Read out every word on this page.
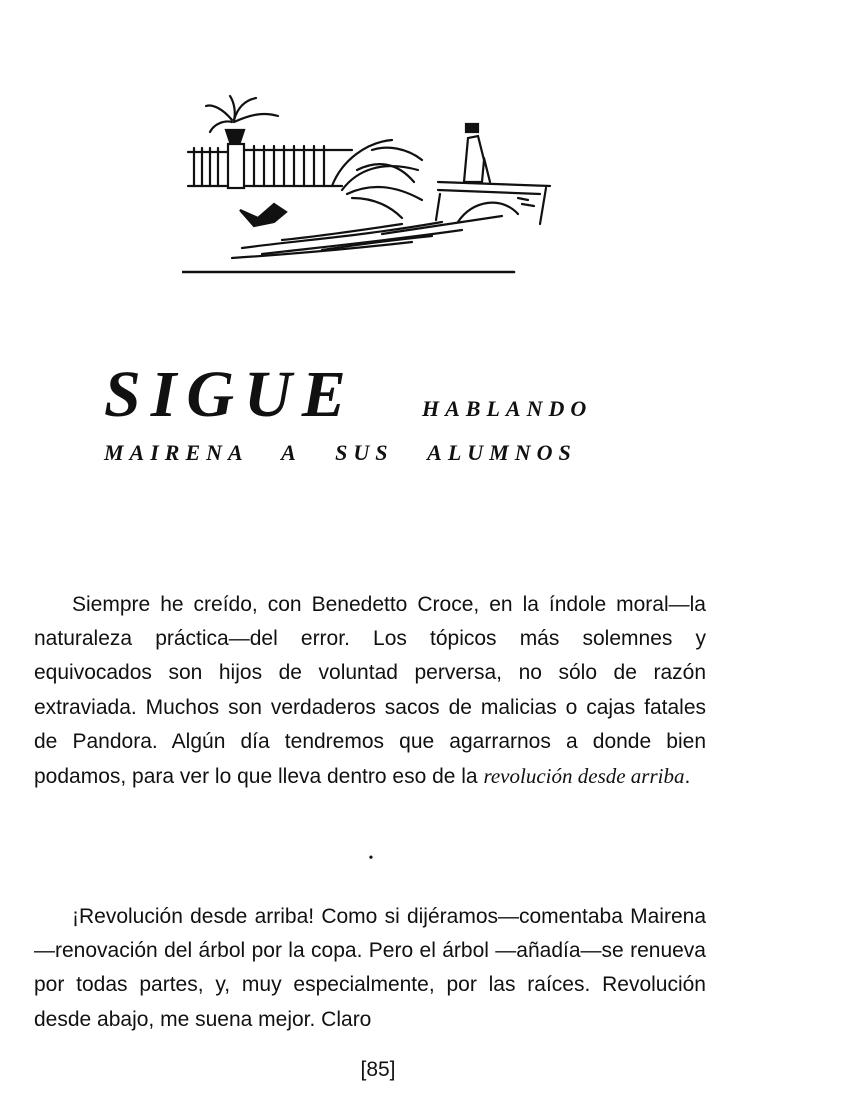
SIGUE	HABLANDO
MAIRENA   A   SUS   ALUMNOS
Siempre he creído, con Benedetto Croce, en la índole moral—la naturaleza práctica—del error. Los tópicos más solemnes y equivocados son hijos de voluntad perversa, no sólo de razón extraviada. Muchos son verdaderos sacos de malicias o cajas fatales de Pandora. Algún día tendremos que agarrarnos a donde bien podamos, para ver lo que lleva dentro eso de la revolución desde arriba.
•
¡Revolución desde arriba! Como si dijéramos—comentaba Mairena—renovación del árbol por la copa. Pero el árbol —añadía—se renueva por todas partes, y, muy especialmente, por las raíces. Revolución desde abajo, me suena mejor. Claro
[85]
